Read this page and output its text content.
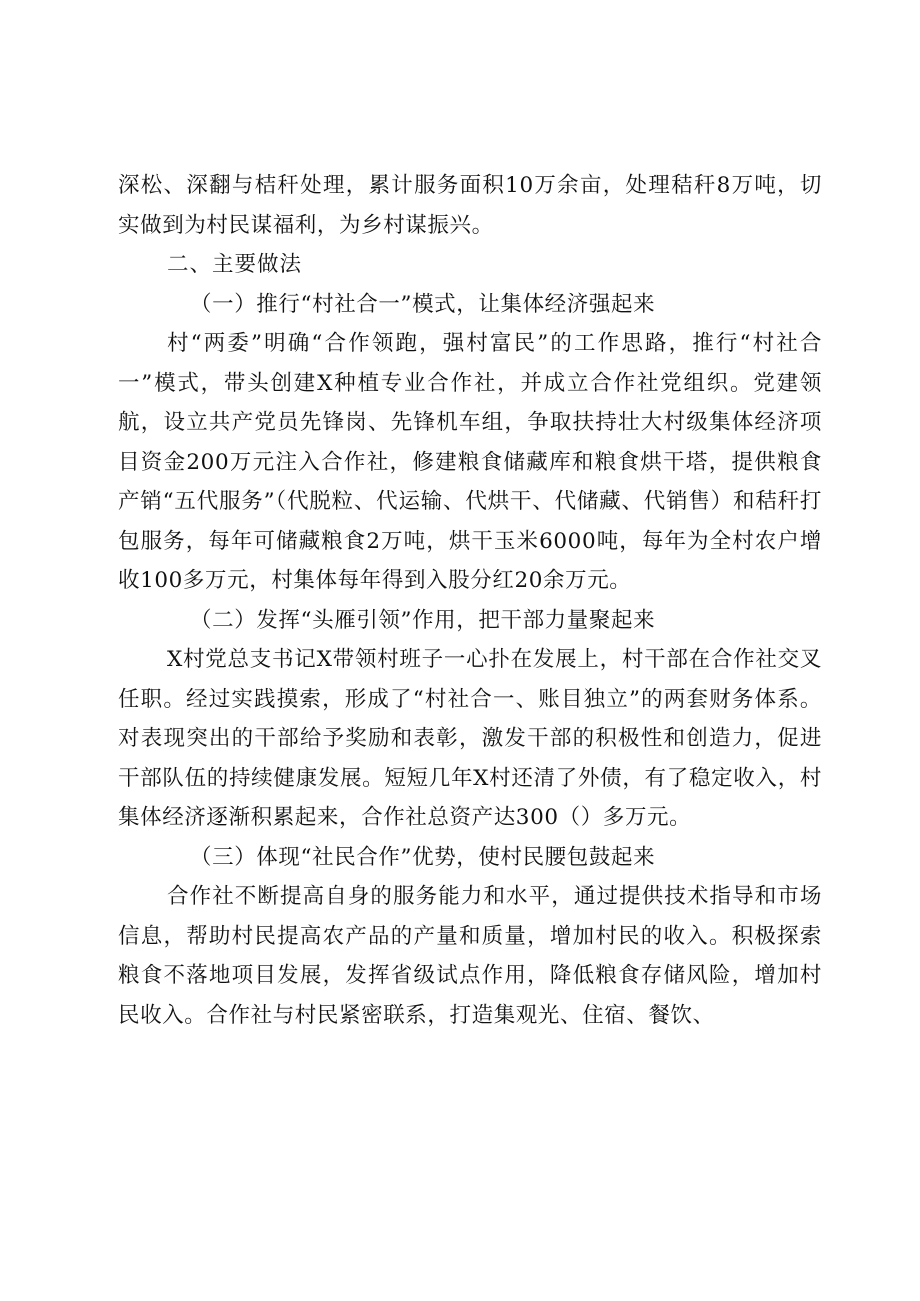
深松、深翻与桔秆处理，累计服务面积10万余亩，处理秸秆8万吨，切实做到为村民谋福利，为乡村谋振兴。

二、主要做法

（一）推行“村社合一”模式，让集体经济强起来

村“两委”明确“合作领跑，强村富民”的工作思路，推行“村社合一”模式，带头创建X种植专业合作社，并成立合作社党组织。党建领航，设立共产党员先锋岗、先锋机车组，争取扶持壮大村级集体经济项目资金200万元注入合作社，修建粮食储藏库和粮食烘干塔，提供粮食产销“五代服务”（代脱粒、代运输、代烘干、代储藏、代销售）和秸秆打包服务，每年可储藏粮食2万吨，烘干玉米6000吨，每年为全村农户增收100多万元，村集体每年得到入股分红20余万元。

（二）发挥“头雁引领”作用，把干部力量聚起来

X村党总支书记X带领村班子一心扑在发展上，村干部在合作社交叉任职。经过实践摸索，形成了“村社合一、账目独立”的两套财务体系。对表现突出的干部给予奖励和表彰，激发干部的积极性和创造力，促进干部队伍的持续健康发展。短短几年X村还清了外债，有了稳定收入，村集体经济逐渐积累起来，合作社总资产达300（）多万元。

（三）体现“社民合作”优势，使村民腰包鼓起来

合作社不断提高自身的服务能力和水平，通过提供技术指导和市场信息，帮助村民提高农产品的产量和质量，增加村民的收入。积极探索粮食不落地项目发展，发挥省级试点作用，降低粮食存储风险，增加村民收入。合作社与村民紧密联系，打造集观光、住宿、餐饮、
